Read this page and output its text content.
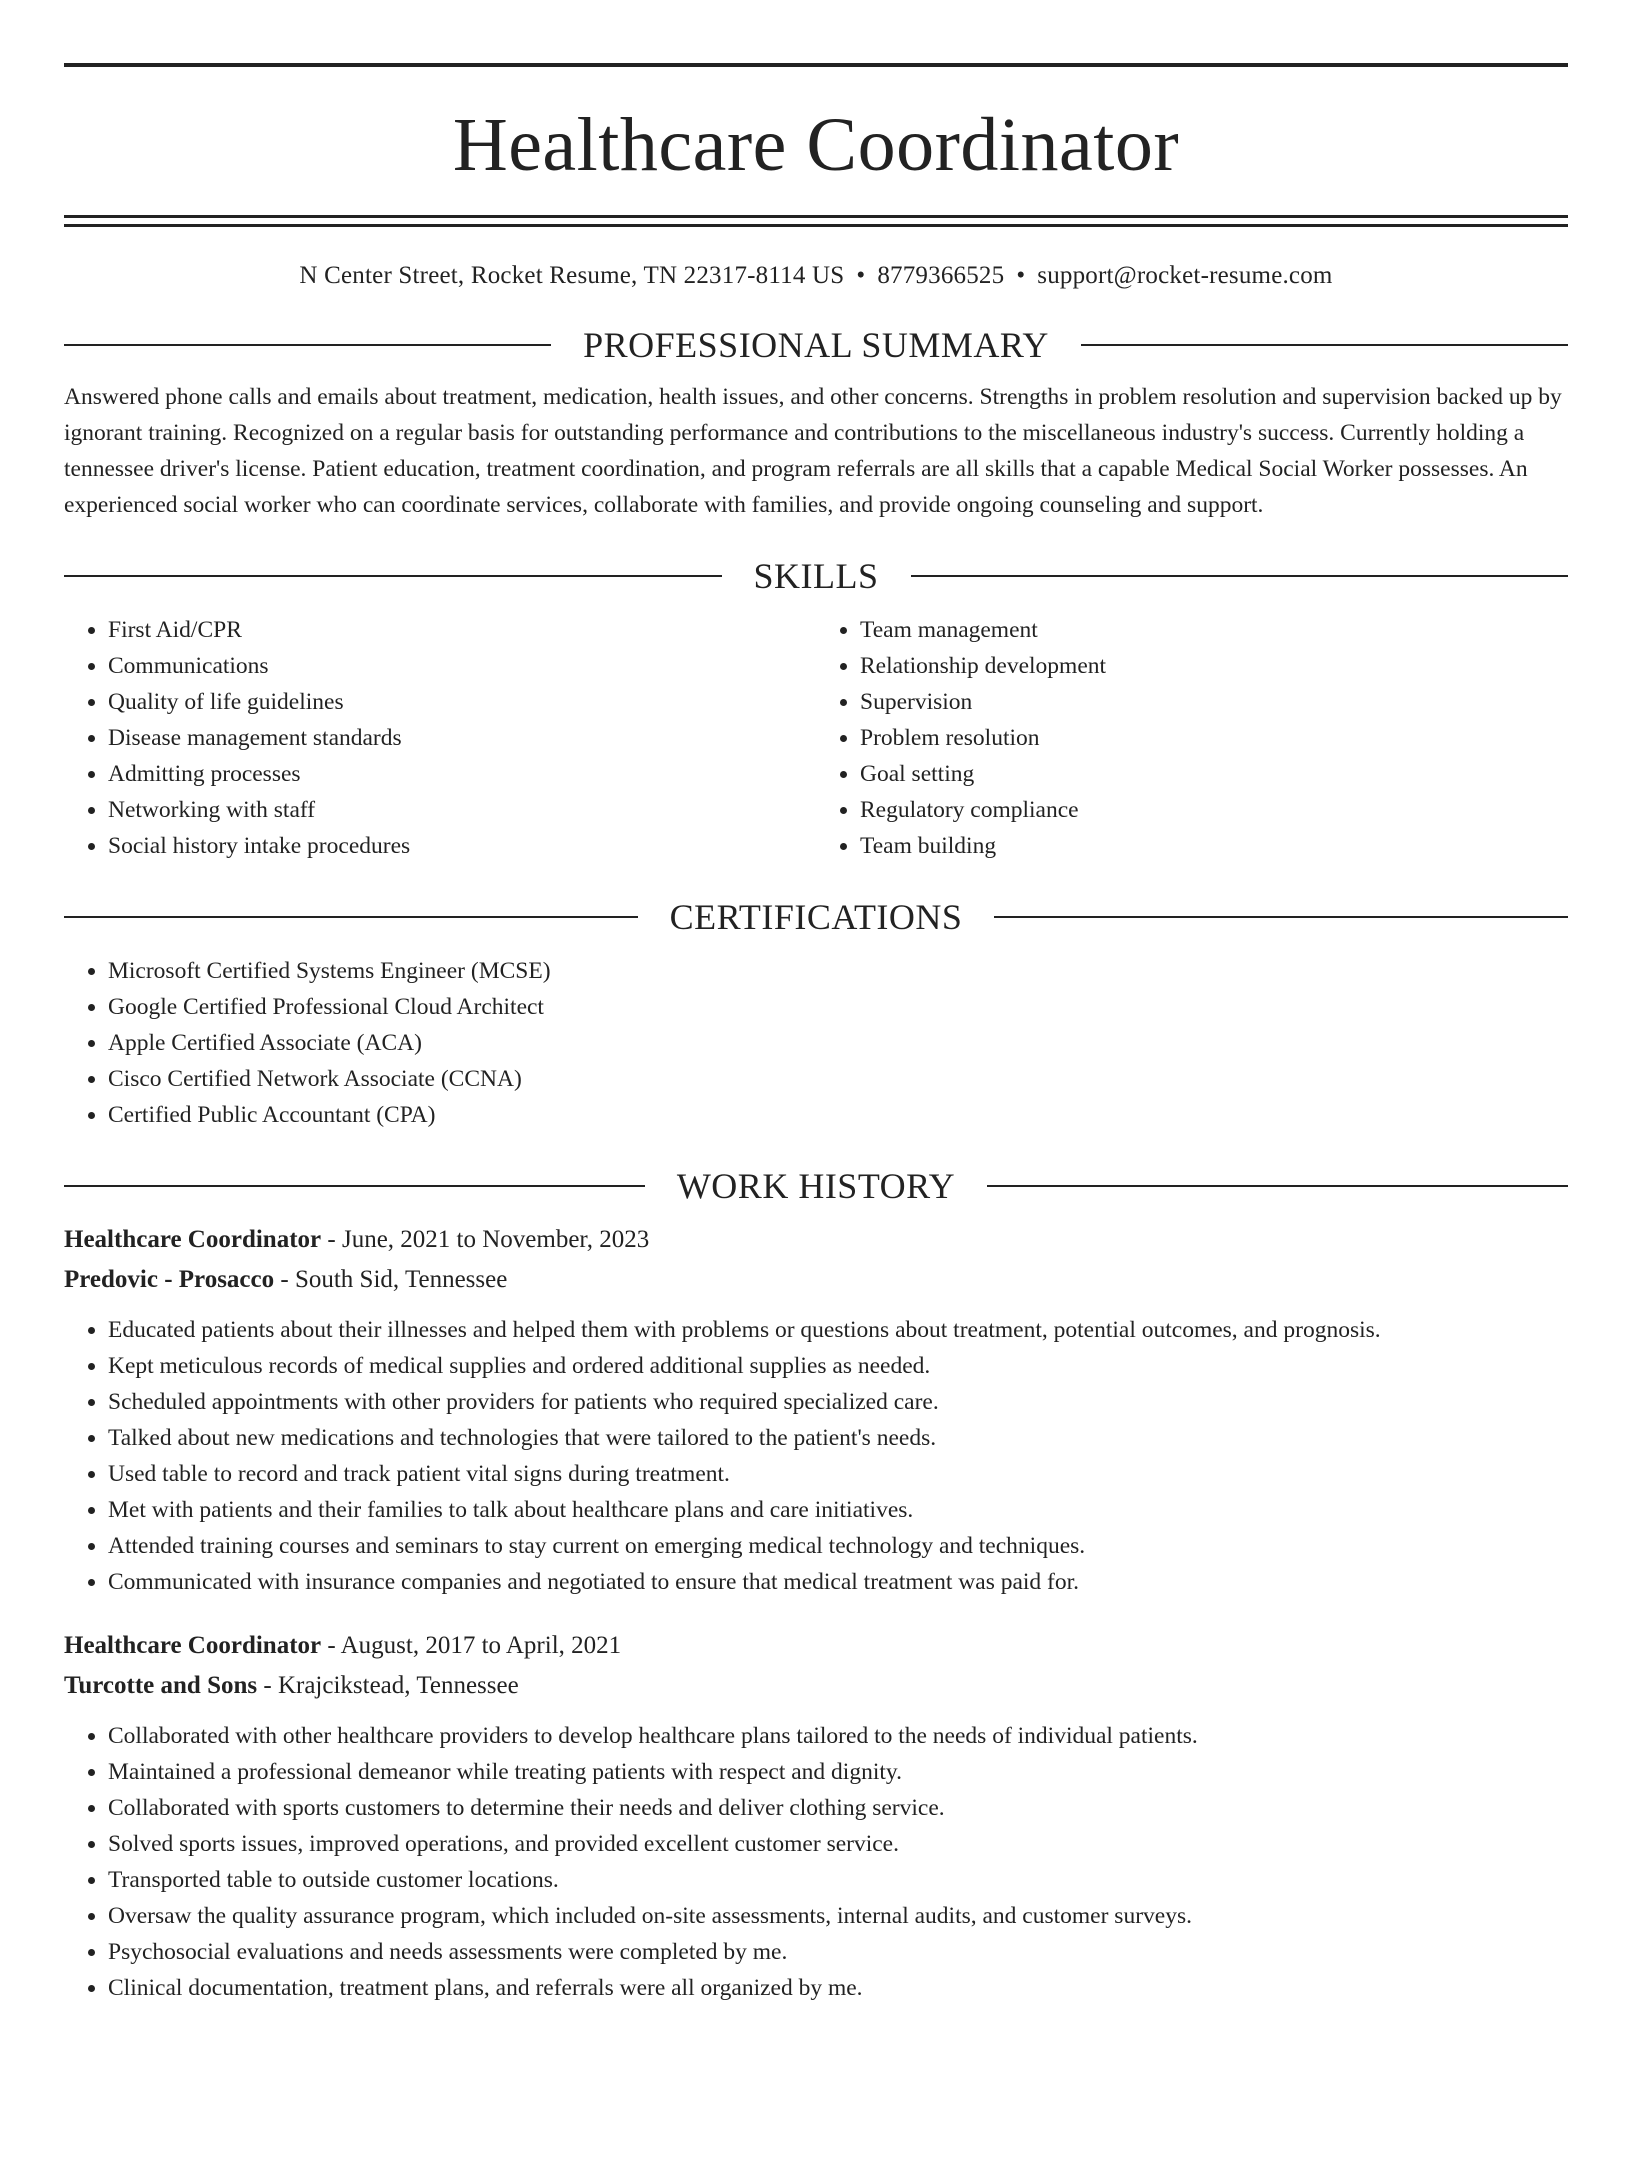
Healthcare Coordinator
N Center Street, Rocket Resume, TN 22317-8114 US • 8779366525 • support@rocket-resume.com
PROFESSIONAL SUMMARY
Answered phone calls and emails about treatment, medication, health issues, and other concerns. Strengths in problem resolution and supervision backed up by ignorant training. Recognized on a regular basis for outstanding performance and contributions to the miscellaneous industry's success. Currently holding a tennessee driver's license. Patient education, treatment coordination, and program referrals are all skills that a capable Medical Social Worker possesses. An experienced social worker who can coordinate services, collaborate with families, and provide ongoing counseling and support.
SKILLS
• First Aid/CPR
• Communications
• Quality of life guidelines
• Disease management standards
• Admitting processes
• Networking with staff
• Social history intake procedures
• Team management
• Relationship development
• Supervision
• Problem resolution
• Goal setting
• Regulatory compliance
• Team building
CERTIFICATIONS
• Microsoft Certified Systems Engineer (MCSE)
• Google Certified Professional Cloud Architect
• Apple Certified Associate (ACA)
• Cisco Certified Network Associate (CCNA)
• Certified Public Accountant (CPA)
WORK HISTORY
Healthcare Coordinator - June, 2021 to November, 2023
Predovic - Prosacco - South Sid, Tennessee
• Educated patients about their illnesses and helped them with problems or questions about treatment, potential outcomes, and prognosis.
• Kept meticulous records of medical supplies and ordered additional supplies as needed.
• Scheduled appointments with other providers for patients who required specialized care.
• Talked about new medications and technologies that were tailored to the patient's needs.
• Used table to record and track patient vital signs during treatment.
• Met with patients and their families to talk about healthcare plans and care initiatives.
• Attended training courses and seminars to stay current on emerging medical technology and techniques.
• Communicated with insurance companies and negotiated to ensure that medical treatment was paid for.
Healthcare Coordinator - August, 2017 to April, 2021
Turcotte and Sons - Krajcikstead, Tennessee
• Collaborated with other healthcare providers to develop healthcare plans tailored to the needs of individual patients.
• Maintained a professional demeanor while treating patients with respect and dignity.
• Collaborated with sports customers to determine their needs and deliver clothing service.
• Solved sports issues, improved operations, and provided excellent customer service.
• Transported table to outside customer locations.
• Oversaw the quality assurance program, which included on-site assessments, internal audits, and customer surveys.
• Psychosocial evaluations and needs assessments were completed by me.
• Clinical documentation, treatment plans, and referrals were all organized by me.
